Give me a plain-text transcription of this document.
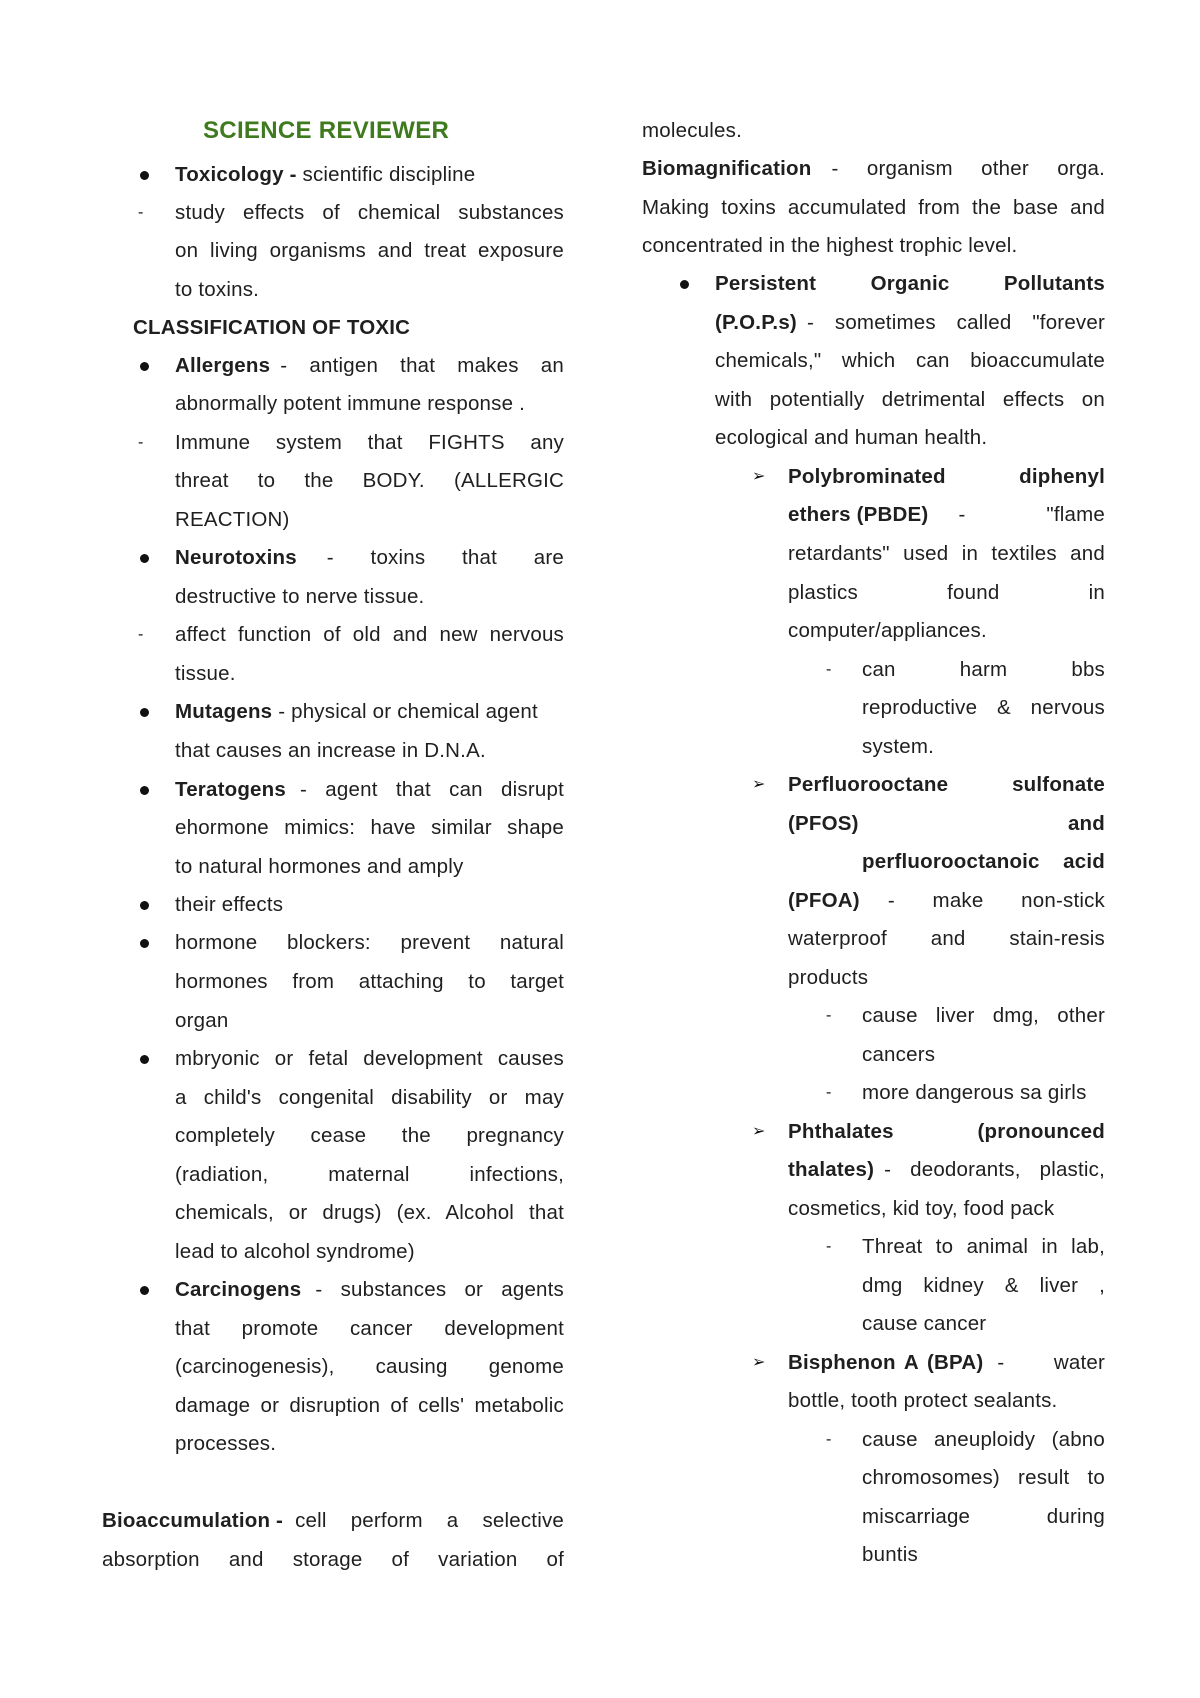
SCIENCE REVIEWER
Toxicology - scientific discipline
- study effects of chemical substances
on living organisms and treat exposure
to toxins.
CLASSIFICATION OF TOXIC
Allergens - antigen that makes an
abnormally potent immune response .
- Immune system that FIGHTS any
threat to the BODY. (ALLERGIC
REACTION)
Neurotoxins - toxins that are
destructive to nerve tissue.
- affect function of old and new nervous
tissue.
Mutagens - physical or chemical agent
that causes an increase in D.N.A.
Teratogens - agent that can disrupt
ehormone mimics: have similar shape
to natural hormones and amply
their effects
hormone blockers: prevent natural
hormones from attaching to target
organ
mbryonic or fetal development causes
a child's congenital disability or may
completely cease the pregnancy
(radiation, maternal infections,
chemicals, or drugs) (ex. Alcohol that
lead to alcohol syndrome)
Carcinogens - substances or agents
that promote cancer development
(carcinogenesis), causing genome
damage or disruption of cells' metabolic
processes.
Bioaccumulation - cell perform a selective
absorption and storage of variation of
molecules.
Biomagnification - organism other orga.
Making toxins accumulated from the base and
concentrated in the highest trophic level.
Persistent Organic Pollutants
(P.O.P.s) - sometimes called "forever
chemicals," which can bioaccumulate
with potentially detrimental effects on
ecological and human health.
➢ Polybrominated diphenyl
ethers (PBDE) - "flame
retardants" used in textiles and
plastics found in
computer/appliances.
- can harm bbs
reproductive & nervous
system.
➢ Perfluorooctane sulfonate
(PFOS) and
perfluorooctanoic acid
(PFOA) - make non-stick
waterproof and stain-resis
products
- cause liver dmg, other
cancers
- more dangerous sa girls
➢ Phthalates (pronounced
thalates) - deodorants, plastic,
cosmetics, kid toy, food pack
- Threat to animal in lab,
dmg kidney & liver ,
cause cancer
➢ Bisphenon A (BPA) - water
bottle, tooth protect sealants.
- cause aneuploidy (abno
chromosomes) result to
miscarriage during
buntis
